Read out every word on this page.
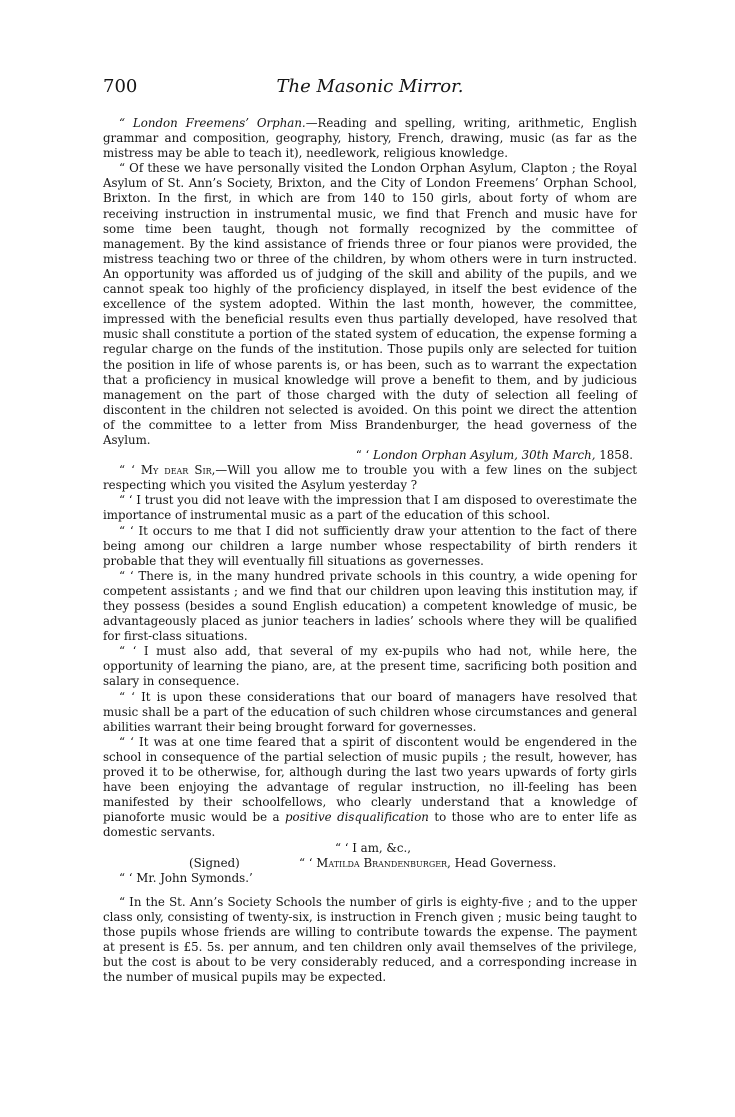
700	The Masonic Mirror.

“ London Freemens’ Orphan.—Reading and spelling, writing, arithmetic, English grammar and composition, geography, history, French, drawing, music (as far as the mistress may be able to teach it), needlework, religious knowledge.

“ Of these we have personally visited the London Orphan Asylum, Clapton ; the Royal Asylum of St. Ann’s Society, Brixton, and the City of London Freemens’ Orphan School, Brixton. In the first, in which are from 140 to 150 girls, about forty of whom are receiving instruction in instrumental music, we find that French and music have for some time been taught, though not formally recognized by the committee of management. By the kind assistance of friends three or four pianos were provided, the mistress teaching two or three of the children, by whom others were in turn instructed. An opportunity was afforded us of judging of the skill and ability of the pupils, and we cannot speak too highly of the proficiency displayed, in itself the best evidence of the excellence of the system adopted. Within the last month, however, the committee, impressed with the beneficial results even thus partially developed, have resolved that music shall constitute a portion of the stated system of education, the expense forming a regular charge on the funds of the institution. Those pupils only are selected for tuition the position in life of whose parents is, or has been, such as to warrant the expectation that a proficiency in musical knowledge will prove a benefit to them, and by judicious management on the part of those charged with the duty of selection all feeling of discontent in the children not selected is avoided. On this point we direct the attention of the committee to a letter from Miss Brandenburger, the head governess of the Asylum.

“ ‘ London Orphan Asylum, 30th March, 1858.

“ ‘ My dear Sir,—Will you allow me to trouble you with a few lines on the subject respecting which you visited the Asylum yesterday ?

“ ‘ I trust you did not leave with the impression that I am disposed to overestimate the importance of instrumental music as a part of the education of this school.

“ ‘ It occurs to me that I did not sufficiently draw your attention to the fact of there being among our children a large number whose respectability of birth renders it probable that they will eventually fill situations as governesses.

“ ‘ There is, in the many hundred private schools in this country, a wide opening for competent assistants ; and we find that our children upon leaving this institution may, if they possess (besides a sound English education) a competent knowledge of music, be advantageously placed as junior teachers in ladies’ schools where they will be qualified for first-class situations.

“ ‘ I must also add, that several of my ex-pupils who had not, while here, the opportunity of learning the piano, are, at the present time, sacrificing both position and salary in consequence.

“ ‘ It is upon these considerations that our board of managers have resolved that music shall be a part of the education of such children whose circumstances and general abilities warrant their being brought forward for governesses.

“ ‘ It was at one time feared that a spirit of discontent would be engendered in the school in consequence of the partial selection of music pupils ; the result, however, has proved it to be otherwise, for, although during the last two years upwards of forty girls have been enjoying the advantage of regular instruction, no ill-feeling has been manifested by their schoolfellows, who clearly understand that a knowledge of pianoforte music would be a positive disqualification to those who are to enter life as domestic servants.

“ ‘ I am, &c.,

(Signed)	“ ‘ Matilda Brandenburger, Head Governess.

“ ‘ Mr. John Symonds.’

“ In the St. Ann’s Society Schools the number of girls is eighty-five ; and to the upper class only, consisting of twenty-six, is instruction in French given ; music being taught to those pupils whose friends are willing to contribute towards the expense. The payment at present is £5. 5s. per annum, and ten children only avail themselves of the privilege, but the cost is about to be very considerably reduced, and a corresponding increase in the number of musical pupils may be expected.
